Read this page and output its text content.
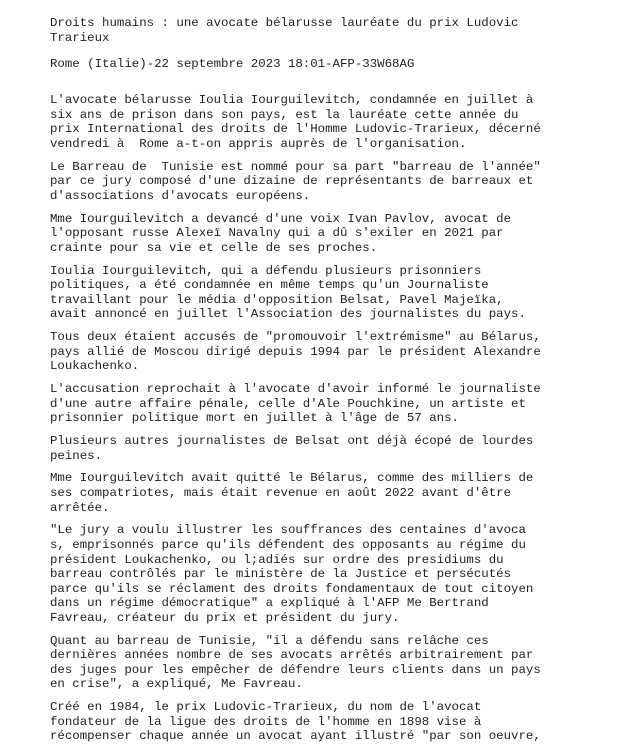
Droits humains : une avocate bélarusse lauréate du prix Ludovic
Trarieux

Rome (Italie)-22 septembre 2023 18:01-AFP-33W68AG

L'avocate bélarusse Ioulia Iourguilevitch, condamnée en juillet à
six ans de prison dans son pays, est la lauréate cette année du
prix International des droits de l'Homme Ludovic-Trarieux, décerné
vendredi à  Rome a-t-on appris auprès de l'organisation.

Le Barreau de  Tunisie est nommé pour sa part "barreau de l'année"
par ce jury composé d'une dizaine de représentants de barreaux et
d'associations d'avocats européens.

Mme Iourguilevitch a devancé d'une voix Ivan Pavlov, avocat de
l'opposant russe Alexeï Navalny qui a dû s'exiler en 2021 par
crainte pour sa vie et celle de ses proches.

Ioulia Iourguilevitch, qui a défendu plusieurs prisonniers
politiques, a été condamnée en même temps qu'un Journaliste
travaillant pour le média d'opposition Belsat, Pavel Majeïka,
avait annoncé en juillet l'Association des journalistes du pays.

Tous deux étaient accusés de "promouvoir l'extrémisme" au Bélarus,
pays allié de Moscou dirigé depuis 1994 par le président Alexandre
Loukachenko.

L'accusation reprochait à l'avocate d'avoir informé le journaliste
d'une autre affaire pénale, celle d'Ale Pouchkine, un artiste et
prisonnier politique mort en juillet à l'âge de 57 ans.

Plusieurs autres journalistes de Belsat ont déjà écopé de lourdes
peines.

Mme Iourguilevitch avait quitté le Bélarus, comme des milliers de
ses compatriotes, mais était revenue en août 2022 avant d'être
arrêtée.

"Le jury a voulu illustrer les souffrances des centaines d'avoca
s, emprisonnés parce qu'ils défendent des opposants au régime du
président Loukachenko, ou l;adiés sur ordre des presidiums du
barreau contrôlés par le ministère de la Justice et persécutés
parce qu'ils se réclament des droits fondamentaux de tout citoyen
dans un régime démocratique" a expliqué à l'AFP Me Bertrand
Favreau, créateur du prix et président du jury.

Quant au barreau de Tunisie, "il a défendu sans relâche ces
dernières années nombre de ses avocats arrêtés arbitrairement par
des juges pour les empêcher de défendre leurs clients dans un pays
en crise", a expliqué, Me Favreau.

Créé en 1984, le prix Ludovic-Trarieux, du nom de l'avocat
fondateur de la ligue des droits de l'homme en 1898 vise à
récompenser chaque année un avocat ayant illustré "par son oeuvre,
